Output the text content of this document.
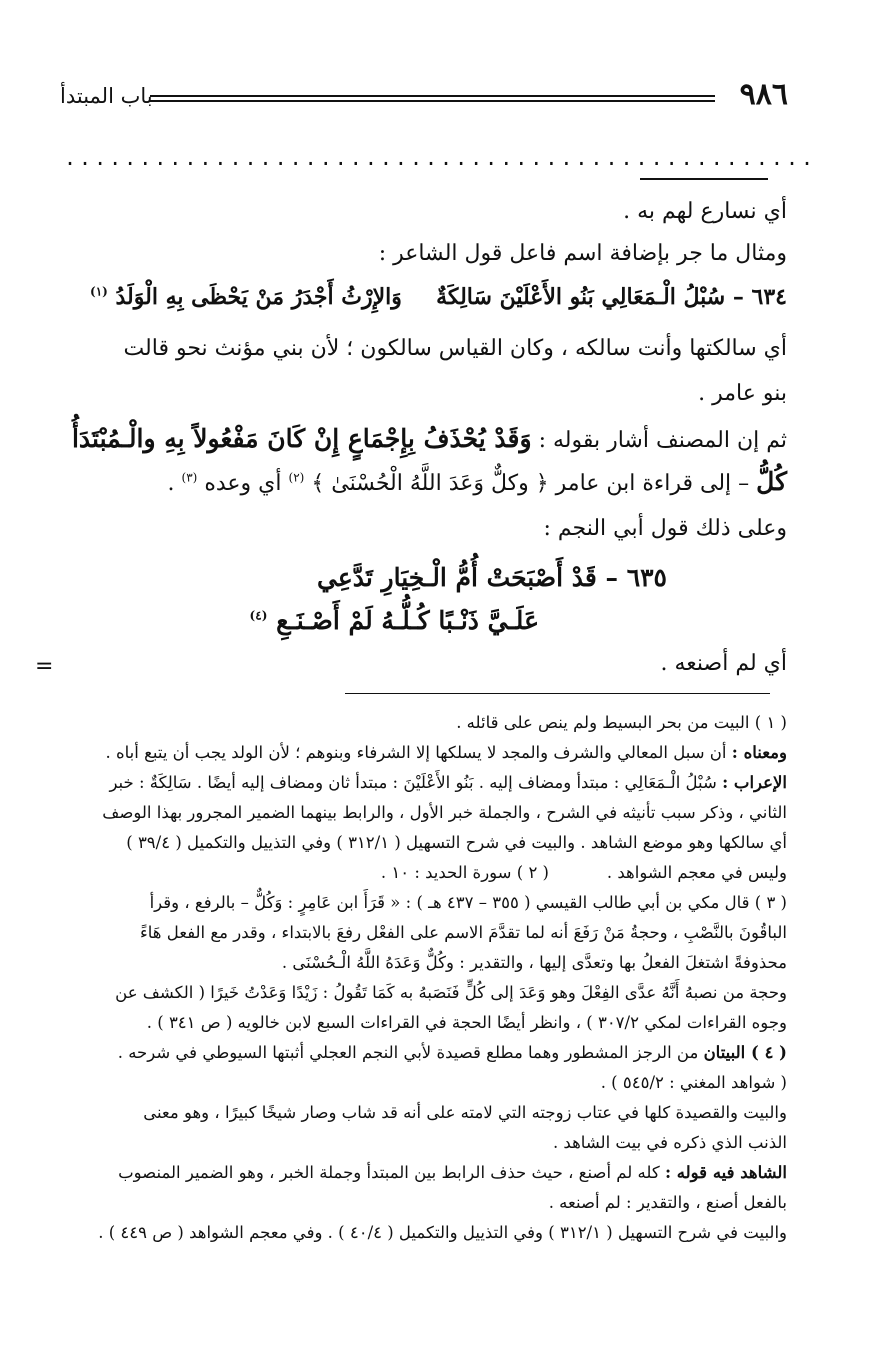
٩٨٦
باب المبتدأ
..................................................
أي نسارع لهم به .
ومثال ما جر بإضافة اسم فاعل قول الشاعر :
٦٣٤ – سُبْلُ الْـمَعَالِي بَنُو الأَعْلَيْنَ سَالِكَةٌ
وَالإِرْثُ أَجْدَرُ مَنْ يَحْظَى بِهِ الْوَلَدُ $^{(١)}$
أي سالكتها وأنت سالكه ، وكان القياس سالكون ؛ لأن بني مؤنث نحو قالت
بنو عامر .
ثم إن المصنف أشار بقوله : وَقَدْ يُحْذَفُ بِإِجْمَاعٍ إِنْ كَانَ مَفْعُولاً بِهِ والْـمُبْتَدَأُ
كُلُّ – إلى قراءة ابن عامر ﴿ وكلٌّ وَعَدَ اللَّهُ الْحُسْنَىٰ ﴾ $^{(٢)}$ أي وعده $^{(٣)}$ .
وعلى ذلك قول أبي النجم :
٦٣٥ – قَدْ أَصْبَحَتْ أُمُّ الْـخِيَارِ تَدَّعِي
عَلَـيَّ ذَنْـبًا كُـلُّـهُ لَمْ أَصْـنَـعِ $^{(٤)}$
أي لم أصنعه .
=
( ١ ) البيت من بحر البسيط ولم ينص على قائله .
ومعناه : أن سبل المعالي والشرف والمجد لا يسلكها إلا الشرفاء وبنوهم ؛ لأن الولد يجب أن يتبع أباه .
الإعراب : سُبْلُ الْـمَعَالِي : مبتدأ ومضاف إليه . بَنُو الأَعْلَيْنَ : مبتدأ ثان ومضاف إليه أيضًا . سَالِكَةٌ : خبر
الثاني ، وذكر سبب تأنيثه في الشرح ، والجملة خبر الأول ، والرابط بينهما الضمير المجرور بهذا الوصف
أي سالكها وهو موضع الشاهد . والبيت في شرح التسهيل ( ٣١٢/١ ) وفي التذييل والتكميل ( ٣٩/٤ )
وليس في معجم الشواهد .
( ٢ ) سورة الحديد : ١٠ .
( ٣ ) قال مكي بن أبي طالب القيسي ( ٣٥٥ – ٤٣٧ هـ ) : « قَرَأَ ابن عَامِرٍ : وَكُلٌّ – بالرفع ، وقرأ
الباقُونَ بالنَّصْبِ ، وحجةُ مَنْ رَفَعَ أنه لما تقدَّمَ الاسم على الفعْل رفعَ بالابتداء ، وقدر مع الفعل هَاءً
محذوفةً اشتغلَ الفعلُ بها وتعدَّى إليها ، والتقدير : وكُلٌّ وَعَدَهُ اللَّهُ الْـحُسْنَى .
وحجة من نصبهُ أَنَّهُ عدَّى الفِعْلَ وهو وَعَدَ إلى كُلٍّ فَنَصَبهُ به كَمَا تَقُولُ : زَيْدًا وَعَدْتُ خَيرًا ( الكشف عن
وجوه القراءات لمكي ٣٠٧/٢ ) ، وانظر أيضًا الحجة في القراءات السبع لابن خالويه ( ص ٣٤١ ) .
( ٤ ) البيتان من الرجز المشطور وهما مطلع قصيدة لأبي النجم العجلي أثبتها السيوطي في شرحه .
( شواهد المغني : ٥٤٥/٢ ) .
والبيت والقصيدة كلها في عتاب زوجته التي لامته على أنه قد شاب وصار شيخًا كبيرًا ، وهو معنى
الذنب الذي ذكره في بيت الشاهد .
الشاهد فيه قوله : كله لم أصنع ، حيث حذف الرابط بين المبتدأ وجملة الخبر ، وهو الضمير المنصوب
بالفعل أصنع ، والتقدير : لم أصنعه .
والبيت في شرح التسهيل ( ٣١٢/١ ) وفي التذييل والتكميل ( ٤٠/٤ ) . وفي معجم الشواهد ( ص ٤٤٩ ) .
